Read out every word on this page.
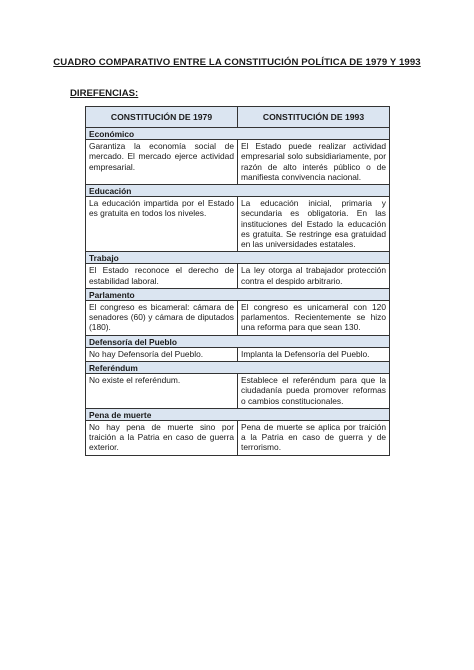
CUADRO COMPARATIVO ENTRE LA CONSTITUCIÓN POLÍTICA DE 1979 Y 1993
DIREFENCIAS:
CONSTITUCIÓN DE 1979	CONSTITUCIÓN DE 1993
Económico	
Garantiza la economía social de mercado. El mercado ejerce actividad empresarial.	El Estado puede realizar actividad empresarial solo subsidiariamente, por razón de alto interés público o de manifiesta convivencia nacional.
Educación	
La educación impartida por el Estado es gratuita en todos los niveles.	La educación inicial, primaria y secundaria es obligatoria. En las instituciones del Estado la educación es gratuita. Se restringe esa gratuidad en las universidades estatales.
Trabajo	
El Estado reconoce el derecho de estabilidad laboral.	La ley otorga al trabajador protección contra el despido arbitrario.
Parlamento	
El congreso es bicameral: cámara de senadores (60) y cámara de diputados (180).	El congreso es unicameral con 120 parlamentos. Recientemente se hizo una reforma para que sean 130.
Defensoría del Pueblo	
No hay Defensoría del Pueblo.	Implanta la Defensoría del Pueblo.
Referéndum	
No existe el referéndum.	Establece el referéndum para que la ciudadanía pueda promover reformas o cambios constitucionales.
Pena de muerte	
No hay pena de muerte sino por traición a la Patria en caso de guerra exterior.	Pena de muerte se aplica por traición a la Patria en caso de guerra y de terrorismo.
